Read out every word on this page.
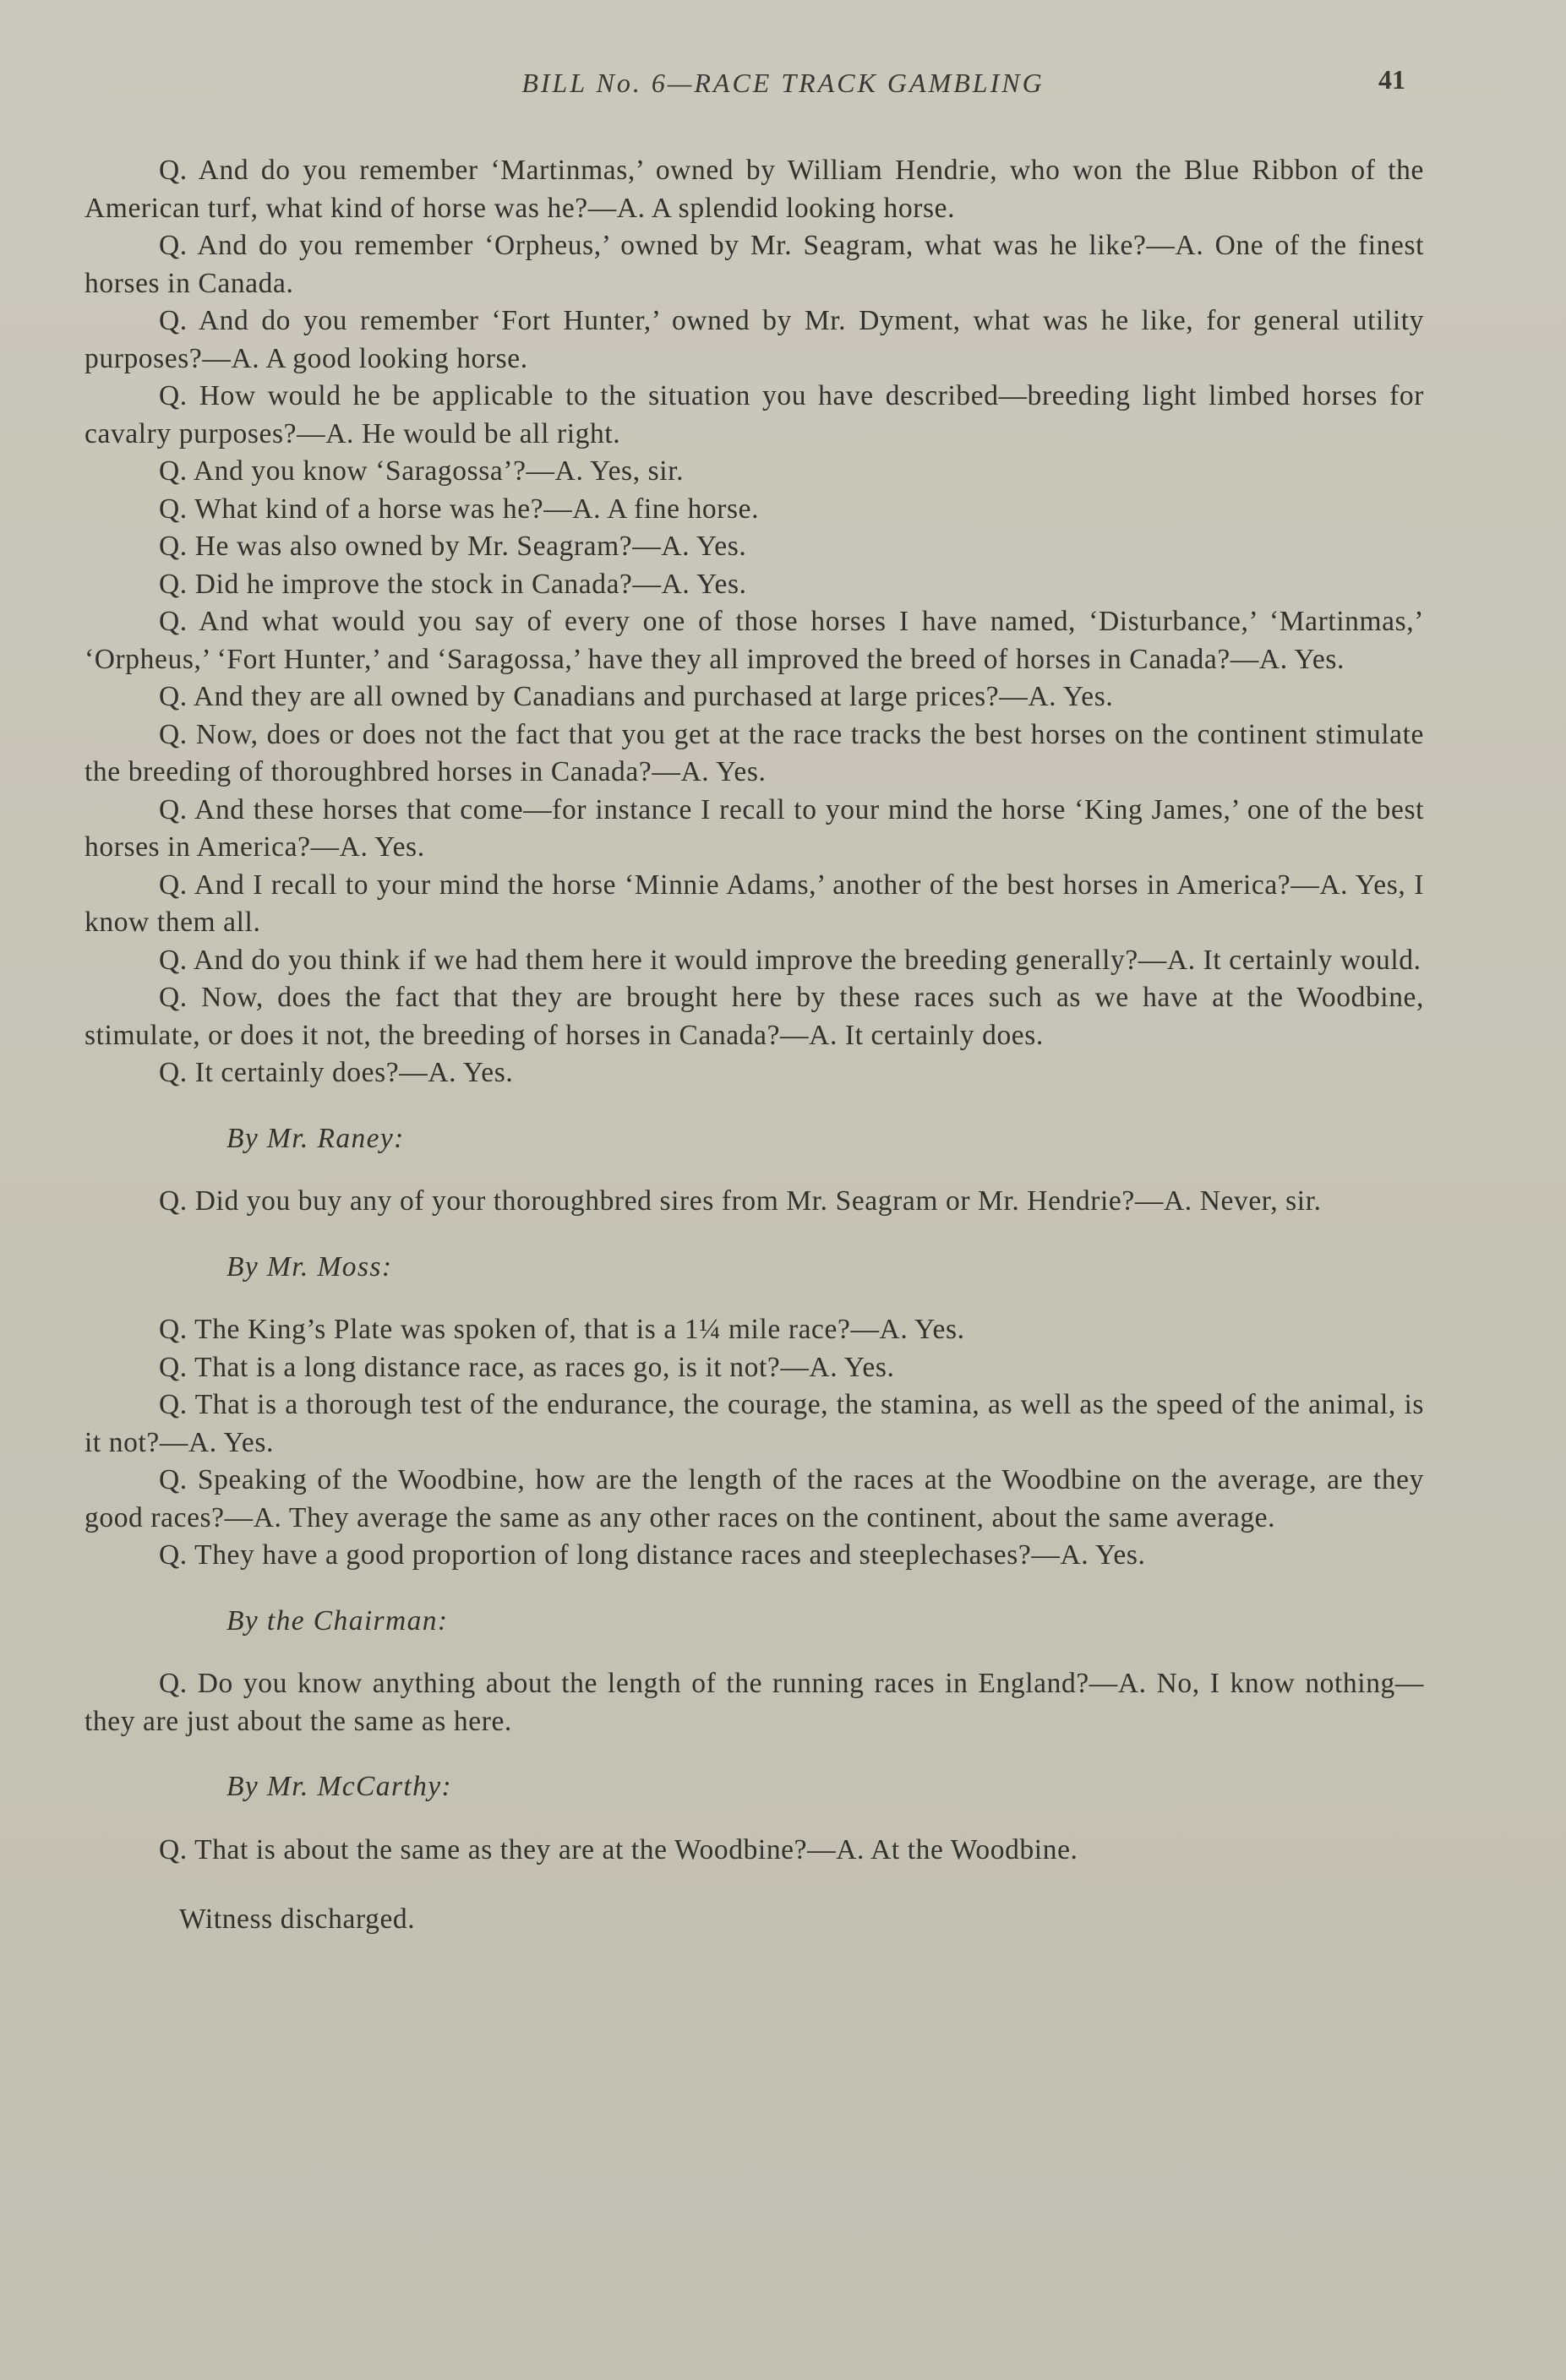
BILL No. 6—RACE TRACK GAMBLING	41

Q. And do you remember ‘Martinmas,’ owned by William Hendrie, who won the Blue Ribbon of the American turf, what kind of horse was he?—A. A splendid looking horse.

Q. And do you remember ‘Orpheus,’ owned by Mr. Seagram, what was he like?—A. One of the finest horses in Canada.

Q. And do you remember ‘Fort Hunter,’ owned by Mr. Dyment, what was he like, for general utility purposes?—A. A good looking horse.

Q. How would he be applicable to the situation you have described—breeding light limbed horses for cavalry purposes?—A. He would be all right.

Q. And you know ‘Saragossa’?—A. Yes, sir.

Q. What kind of a horse was he?—A. A fine horse.

Q. He was also owned by Mr. Seagram?—A. Yes.

Q. Did he improve the stock in Canada?—A. Yes.

Q. And what would you say of every one of those horses I have named, ‘Disturbance,’ ‘Martinmas,’ ‘Orpheus,’ ‘Fort Hunter,’ and ‘Saragossa,’ have they all improved the breed of horses in Canada?—A. Yes.

Q. And they are all owned by Canadians and purchased at large prices?—A. Yes.

Q. Now, does or does not the fact that you get at the race tracks the best horses on the continent stimulate the breeding of thoroughbred horses in Canada?—A. Yes.

Q. And these horses that come—for instance I recall to your mind the horse ‘King James,’ one of the best horses in America?—A. Yes.

Q. And I recall to your mind the horse ‘Minnie Adams,’ another of the best horses in America?—A. Yes, I know them all.

Q. And do you think if we had them here it would improve the breeding generally?—A. It certainly would.

Q. Now, does the fact that they are brought here by these races such as we have at the Woodbine, stimulate, or does it not, the breeding of horses in Canada?—A. It certainly does.

Q. It certainly does?—A. Yes.

By Mr. Raney:

Q. Did you buy any of your thoroughbred sires from Mr. Seagram or Mr. Hendrie?—A. Never, sir.

By Mr. Moss:

Q. The King’s Plate was spoken of, that is a 1¼ mile race?—A. Yes.

Q. That is a long distance race, as races go, is it not?—A. Yes.

Q. That is a thorough test of the endurance, the courage, the stamina, as well as the speed of the animal, is it not?—A. Yes.

Q. Speaking of the Woodbine, how are the length of the races at the Woodbine on the average, are they good races?—A. They average the same as any other races on the continent, about the same average.

Q. They have a good proportion of long distance races and steeplechases?—A. Yes.

By the Chairman:

Q. Do you know anything about the length of the running races in England?—A. No, I know nothing—they are just about the same as here.

By Mr. McCarthy:

Q. That is about the same as they are at the Woodbine?—A. At the Woodbine.

Witness discharged.
